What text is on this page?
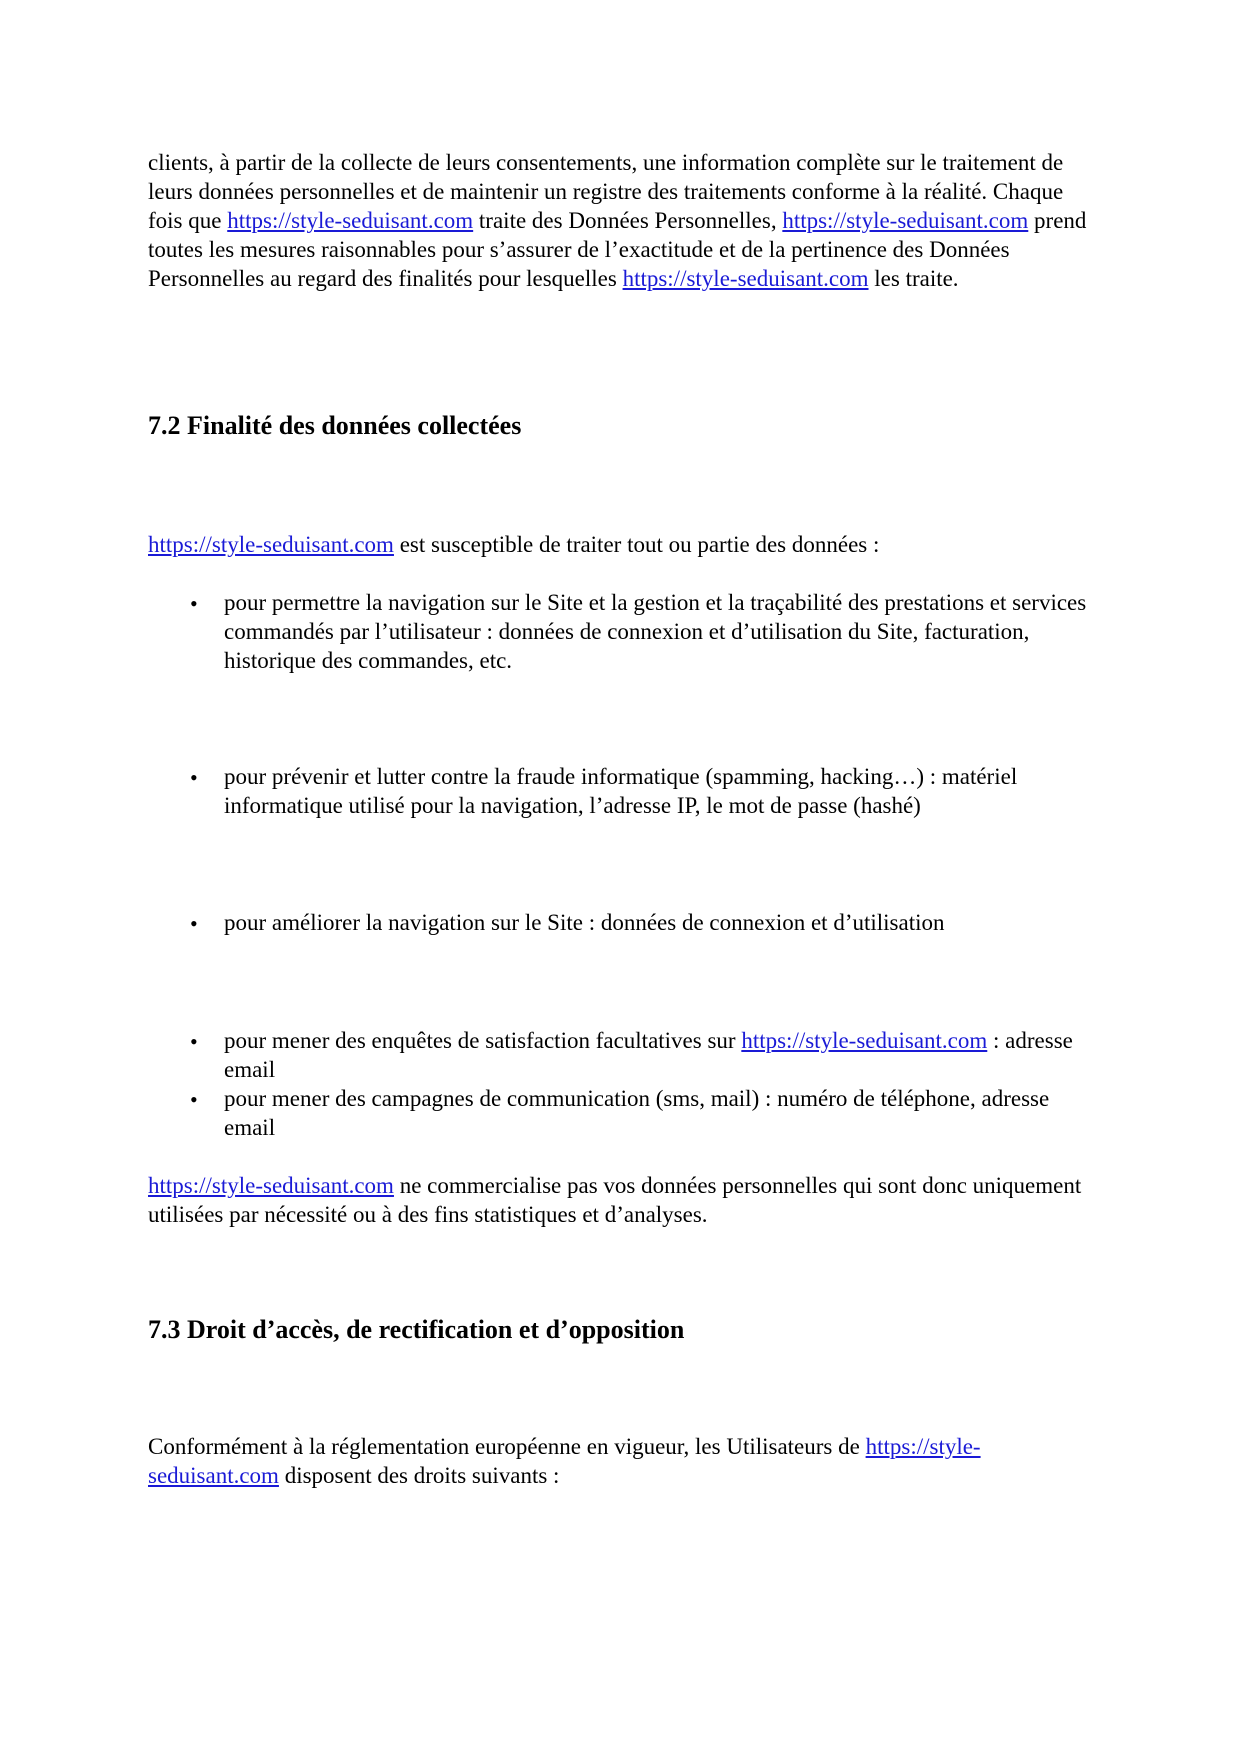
clients, à partir de la collecte de leurs consentements, une information complète sur le traitement de leurs données personnelles et de maintenir un registre des traitements conforme à la réalité. Chaque fois que https://style-seduisant.com traite des Données Personnelles, https://style-seduisant.com prend toutes les mesures raisonnables pour s’assurer de l’exactitude et de la pertinence des Données Personnelles au regard des finalités pour lesquelles https://style-seduisant.com les traite.

7.2 Finalité des données collectées

https://style-seduisant.com est susceptible de traiter tout ou partie des données :

•	pour permettre la navigation sur le Site et la gestion et la traçabilité des prestations et services commandés par l’utilisateur : données de connexion et d’utilisation du Site, facturation, historique des commandes, etc.

•	pour prévenir et lutter contre la fraude informatique (spamming, hacking…) : matériel informatique utilisé pour la navigation, l’adresse IP, le mot de passe (hashé)

•	pour améliorer la navigation sur le Site : données de connexion et d’utilisation

•	pour mener des enquêtes de satisfaction facultatives sur https://style-seduisant.com : adresse email

•	pour mener des campagnes de communication (sms, mail) : numéro de téléphone, adresse email

https://style-seduisant.com ne commercialise pas vos données personnelles qui sont donc uniquement utilisées par nécessité ou à des fins statistiques et d’analyses.

7.3 Droit d’accès, de rectification et d’opposition

Conformément à la réglementation européenne en vigueur, les Utilisateurs de https://style-seduisant.com disposent des droits suivants :
